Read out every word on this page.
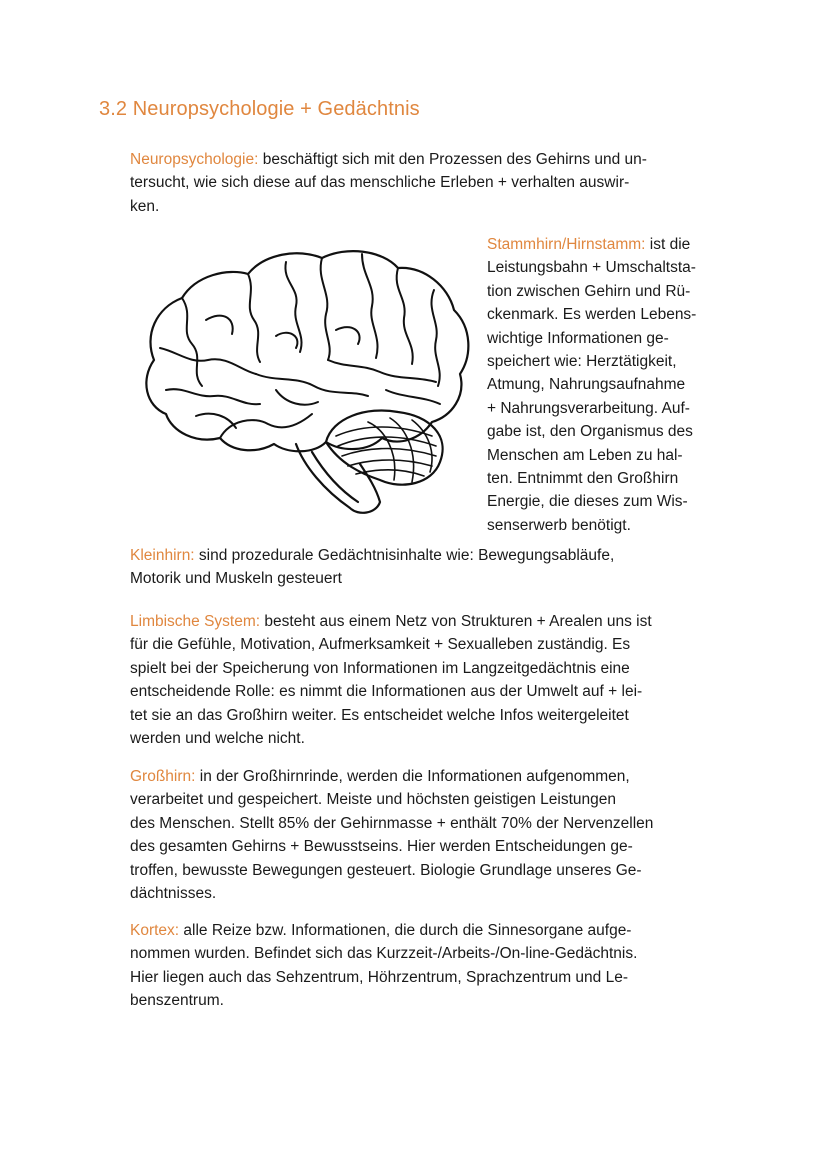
3.2 Neuropsychologie + Gedächtnis
Neuropsychologie: beschäftigt sich mit den Prozessen des Gehirns und un-
tersucht, wie sich diese auf das menschliche Erleben + verhalten auswir-
ken.
Stammhirn/Hirnstamm: ist die
Leistungsbahn + Umschaltsta-
tion zwischen Gehirn und Rü-
ckenmark. Es werden Lebens-
wichtige Informationen ge-
speichert wie: Herztätigkeit,
Atmung, Nahrungsaufnahme
+ Nahrungsverarbeitung. Auf-
gabe ist, den Organismus des
Menschen am Leben zu hal-
ten. Entnimmt den Großhirn
Energie, die dieses zum Wis-
senserwerb benötigt.
Kleinhirn: sind prozedurale Gedächtnisinhalte wie: Bewegungsabläufe,
Motorik und Muskeln gesteuert
Limbische System: besteht aus einem Netz von Strukturen + Arealen uns ist
für die Gefühle, Motivation, Aufmerksamkeit + Sexualleben zuständig. Es
spielt bei der Speicherung von Informationen im Langzeitgedächtnis eine
entscheidende Rolle: es nimmt die Informationen aus der Umwelt auf + lei-
tet sie an das Großhirn weiter. Es entscheidet welche Infos weitergeleitet
werden und welche nicht.
Großhirn: in der Großhirnrinde, werden die Informationen aufgenommen,
verarbeitet und gespeichert. Meiste und höchsten geistigen Leistungen
des Menschen. Stellt 85% der Gehirnmasse + enthält 70% der Nervenzellen
des gesamten Gehirns + Bewusstseins. Hier werden Entscheidungen ge-
troffen, bewusste Bewegungen gesteuert. Biologie Grundlage unseres Ge-
dächtnisses.
Kortex: alle Reize bzw. Informationen, die durch die Sinnesorgane aufge-
nommen wurden. Befindet sich das Kurzzeit-/Arbeits-/On-line-Gedächtnis.
Hier liegen auch das Sehzentrum, Höhrzentrum, Sprachzentrum und Le-
benszentrum.
